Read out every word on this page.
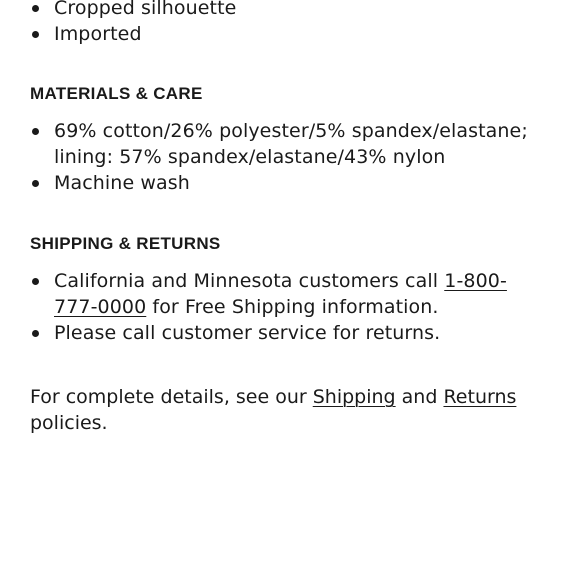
Cropped silhouette
Imported
MATERIALS & CARE
69% cotton/26% polyester/5% spandex/elastane; lining: 57% spandex/elastane/43% nylon
Machine wash
SHIPPING & RETURNS
California and Minnesota customers call 1-800-777-0000 for Free Shipping information.
Please call customer service for returns.

For complete details, see our Shipping and Returns policies.
